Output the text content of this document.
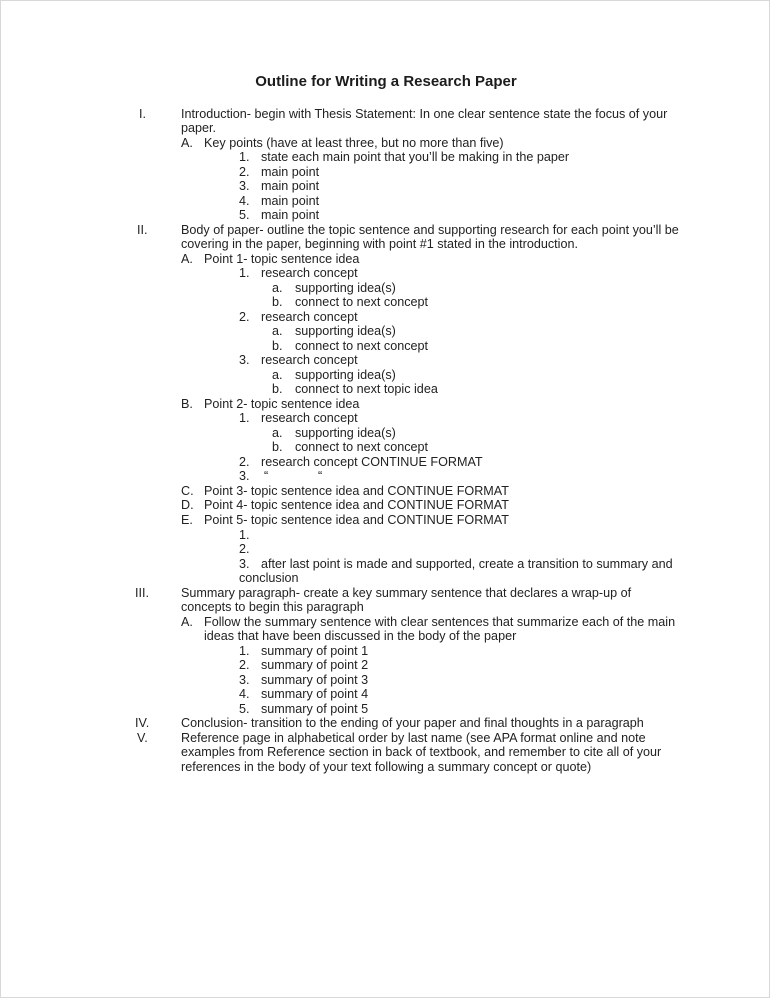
Outline for Writing a Research Paper
I.	Introduction- begin with Thesis Statement: In one clear sentence state the focus of your
paper.
A. Key points (have at least three, but no more than five)
1. state each main point that you’ll be making in the paper
2. main point
3. main point
4. main point
5. main point
II.	Body of paper- outline the topic sentence and supporting research for each point you’ll be
covering in the paper, beginning with point #1 stated in the introduction.
A. Point 1- topic sentence idea
1. research concept
a. supporting idea(s)
b. connect to next concept
2. research concept
a. supporting idea(s)
b. connect to next concept
3. research concept
a. supporting idea(s)
b. connect to next topic idea
B. Point 2- topic sentence idea
1. research concept
a. supporting idea(s)
b. connect to next concept
2. research concept CONTINUE FORMAT
3. “	“
C. Point 3- topic sentence idea and CONTINUE FORMAT
D. Point 4- topic sentence idea and CONTINUE FORMAT
E. Point 5- topic sentence idea and CONTINUE FORMAT
1.
2.
3. after last point is made and supported, create a transition to summary and
conclusion
III.	Summary paragraph- create a key summary sentence that declares a wrap-up of
concepts to begin this paragraph
A. Follow the summary sentence with clear sentences that summarize each of the main
ideas that have been discussed in the body of the paper
1. summary of point 1
2. summary of point 2
3. summary of point 3
4. summary of point 4
5. summary of point 5
IV.	Conclusion- transition to the ending of your paper and final thoughts in a paragraph
V.	Reference page in alphabetical order by last name (see APA format online and note
examples from Reference section in back of textbook, and remember to cite all of your
references in the body of your text following a summary concept or quote)
